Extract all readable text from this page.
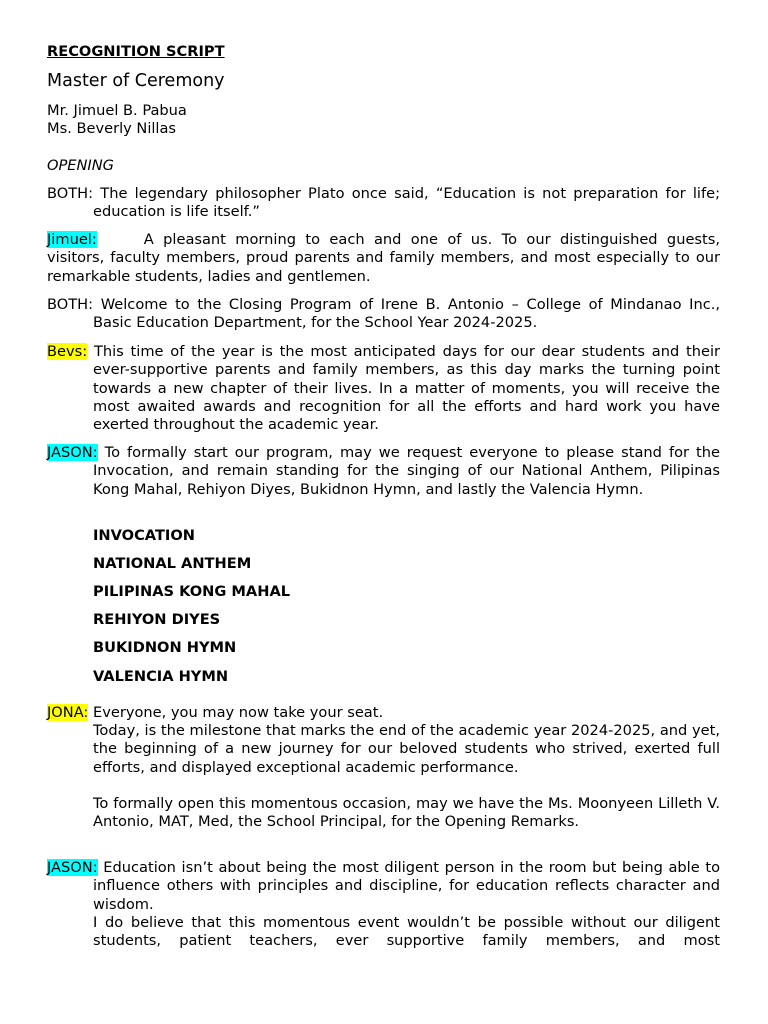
RECOGNITION SCRIPT

Master of Ceremony

Mr. Jimuel B. Pabua
Ms. Beverly Nillas

OPENING

BOTH: The legendary philosopher Plato once said, “Education is not preparation for life; education is life itself.”

Jimuel:	A pleasant morning to each and one of us. To our distinguished guests, visitors, faculty members, proud parents and family members, and most especially to our remarkable students, ladies and gentlemen.

BOTH: Welcome to the Closing Program of Irene B. Antonio – College of Mindanao Inc., Basic Education Department, for the School Year 2024-2025.

Bevs: This time of the year is the most anticipated days for our dear students and their ever-supportive parents and family members, as this day marks the turning point towards a new chapter of their lives. In a matter of moments, you will receive the most awaited awards and recognition for all the efforts and hard work you have exerted throughout the academic year.

JASON: To formally start our program, may we request everyone to please stand for the Invocation, and remain standing for the singing of our National Anthem, Pilipinas Kong Mahal, Rehiyon Diyes, Bukidnon Hymn, and lastly the Valencia Hymn.

INVOCATION

NATIONAL ANTHEM

PILIPINAS KONG MAHAL

REHIYON DIYES

BUKIDNON HYMN

VALENCIA HYMN

JONA: Everyone, you may now take your seat.

Today, is the milestone that marks the end of the academic year 2024-2025, and yet, the beginning of a new journey for our beloved students who strived, exerted full efforts, and displayed exceptional academic performance.

To formally open this momentous occasion, may we have the Ms. Moonyeen Lilleth V. Antonio, MAT, Med, the School Principal, for the Opening Remarks.

JASON: Education isn’t about being the most diligent person in the room but being able to influence others with principles and discipline, for education reflects character and wisdom.

I do believe that this momentous event wouldn’t be possible without our diligent students, patient teachers, ever supportive family members, and most
